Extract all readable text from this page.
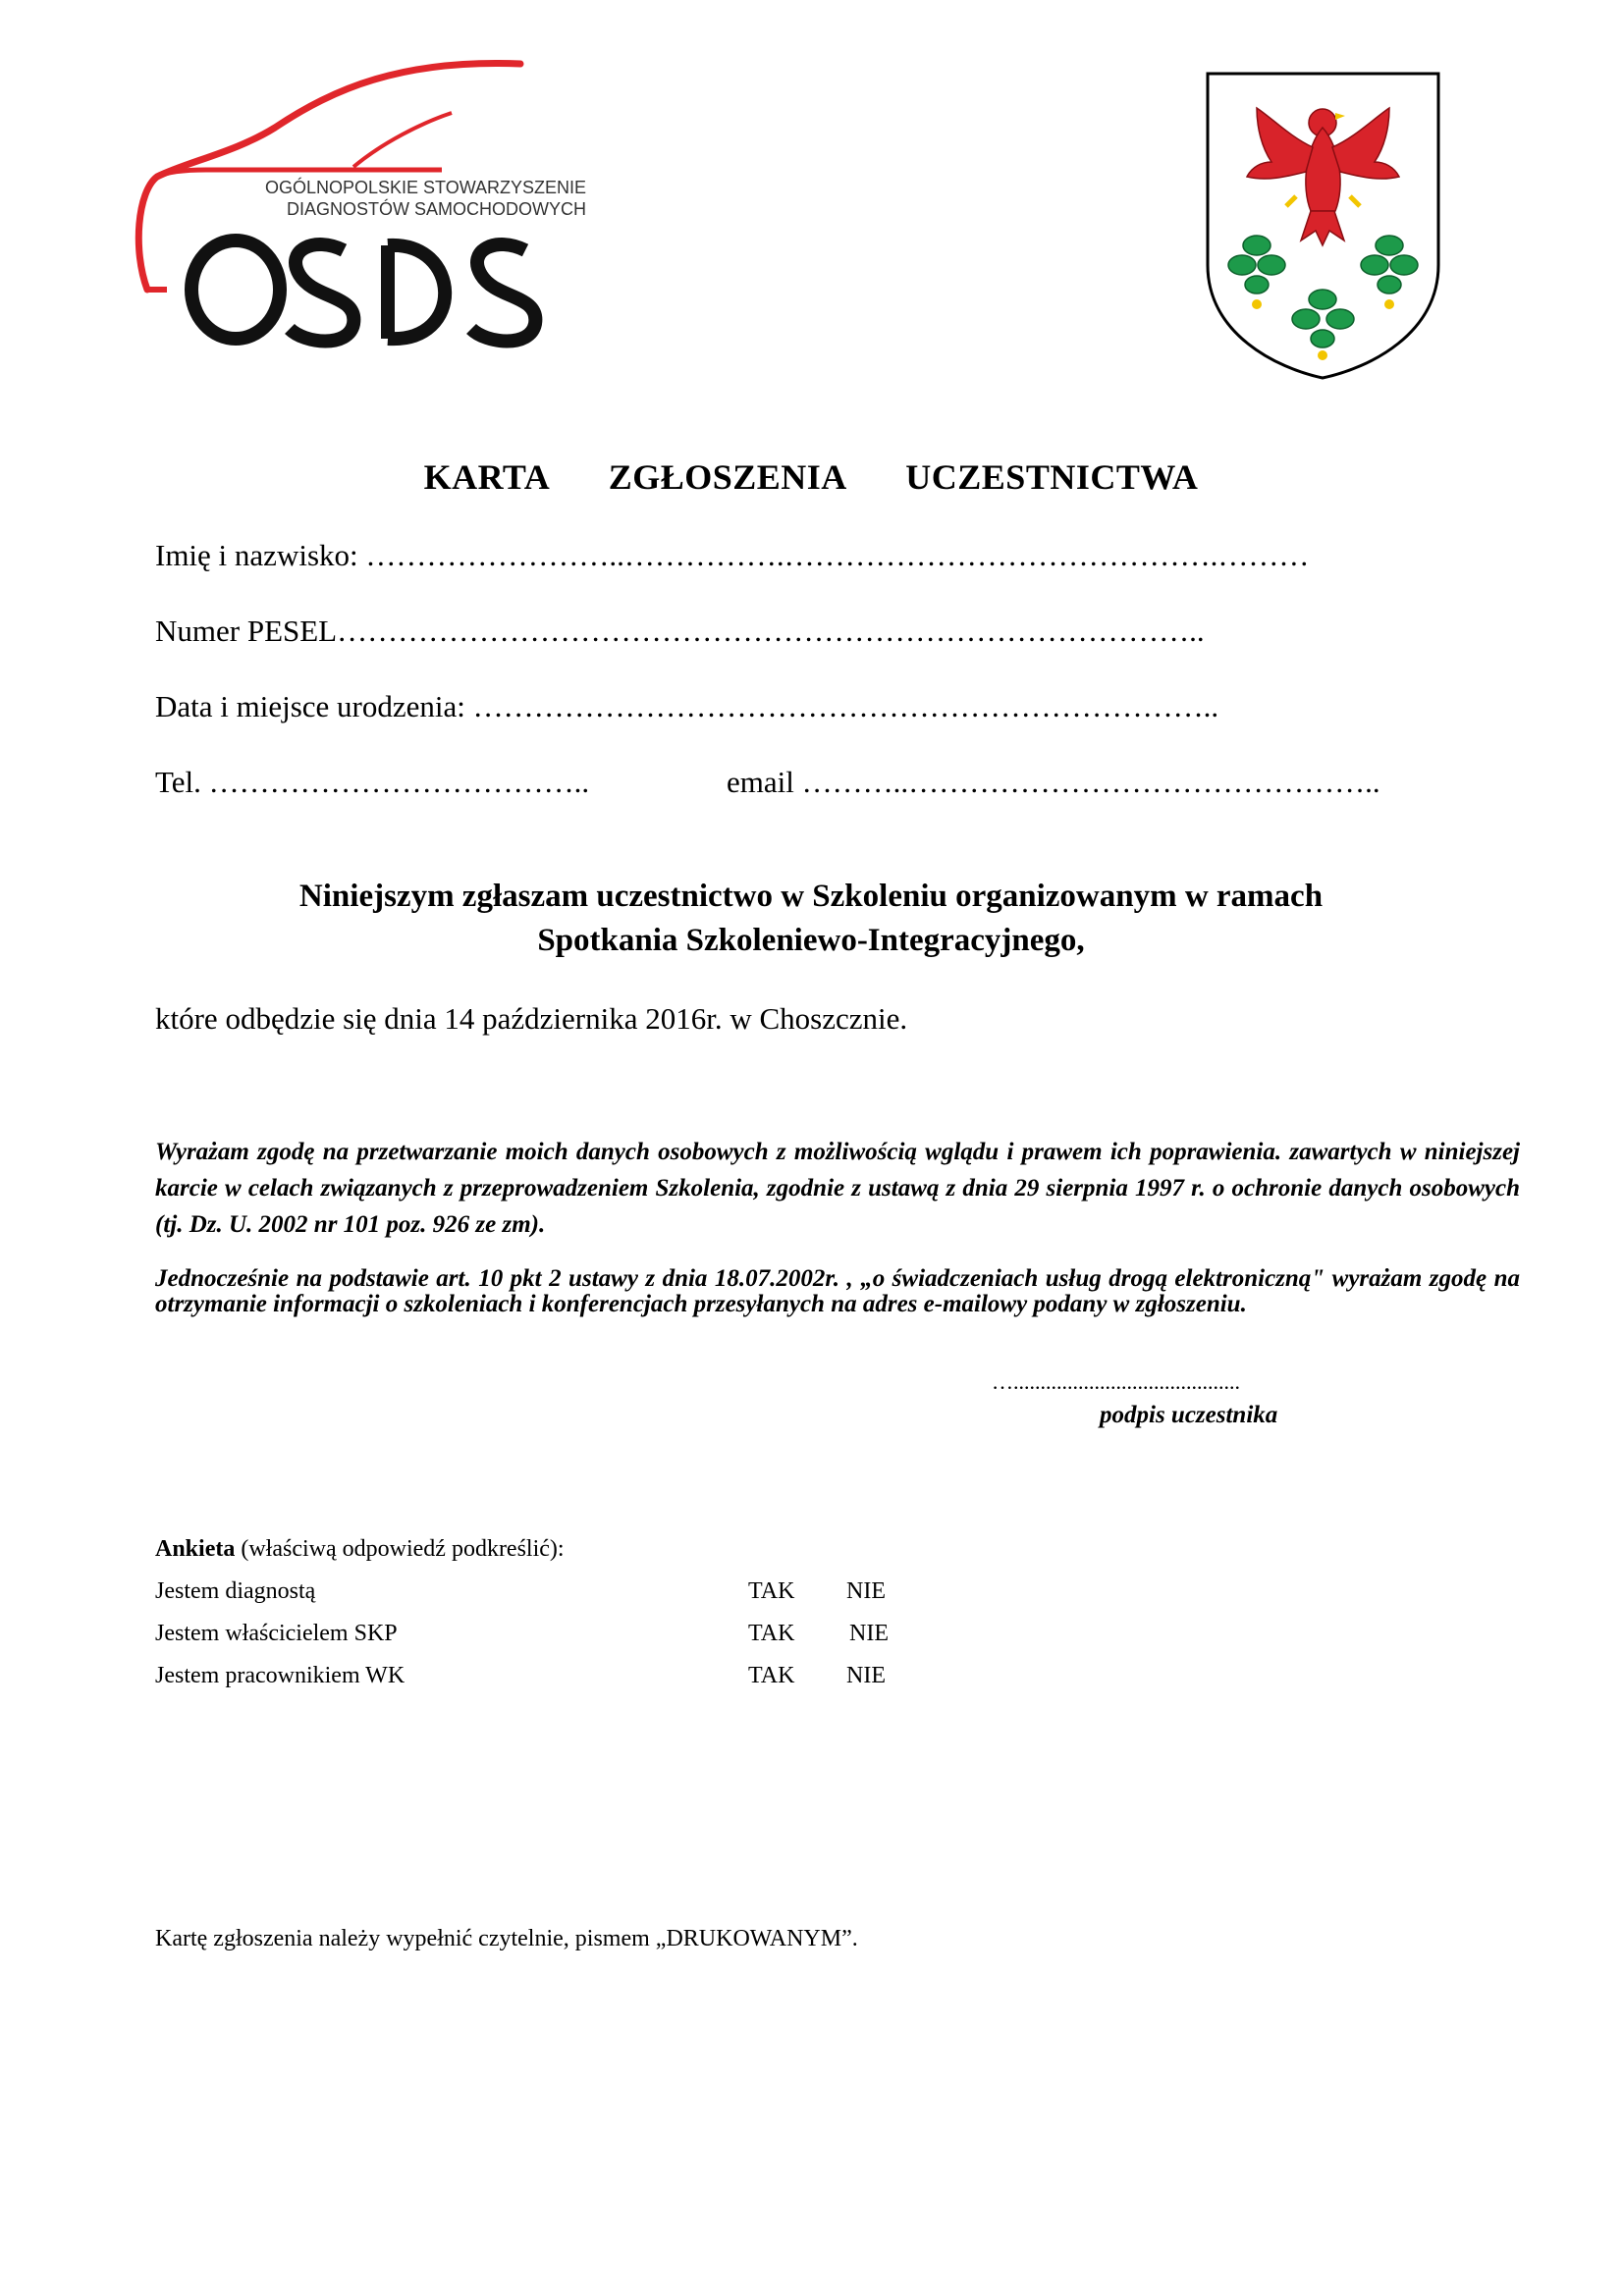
OGÓLNOPOLSKIE STOWARZYSZENIE
DIAGNOSTÓW SAMOCHODOWYCH
KARTA ZGŁOSZENIA UCZESTNICTWA
Imię i nazwisko: ……………………..…………….…………………………………….………
Numer PESEL…………………………………………………………………………..
Data i miejsce urodzenia: ………………………………………………………………..
Tel. ………………………………..	email ………..………………………………………..
Niniejszym zgłaszam uczestnictwo w Szkoleniu organizowanym w ramach
Spotkania Szkoleniewo-Integracyjnego,
które odbędzie się dnia 14 października 2016r. w Choszcznie.
Wyrażam zgodę na przetwarzanie moich danych osobowych z możliwością wglądu i prawem ich poprawienia. zawartych w niniejszej karcie w celach związanych z przeprowadzeniem Szkolenia, zgodnie z ustawą z dnia 29 sierpnia 1997 r. o ochronie danych osobowych (tj. Dz. U. 2002 nr 101 poz. 926 ze zm).
Jednocześnie na podstawie art. 10 pkt 2 ustawy z dnia 18.07.2002r. , „o świadczeniach usług drogą elektroniczną" wyrażam zgodę na otrzymanie informacji o szkoleniach i konferencjach przesyłanych na adres e-mailowy podany w zgłoszeniu.
…..........................................
podpis uczestnika
Ankieta (właściwą odpowiedź podkreślić):
Jestem diagnostą	TAK NIE
Jestem właścicielem SKP	TAK NIE
Jestem pracownikiem WK	TAK NIE
Kartę zgłoszenia należy wypełnić czytelnie, pismem „DRUKOWANYM”.
